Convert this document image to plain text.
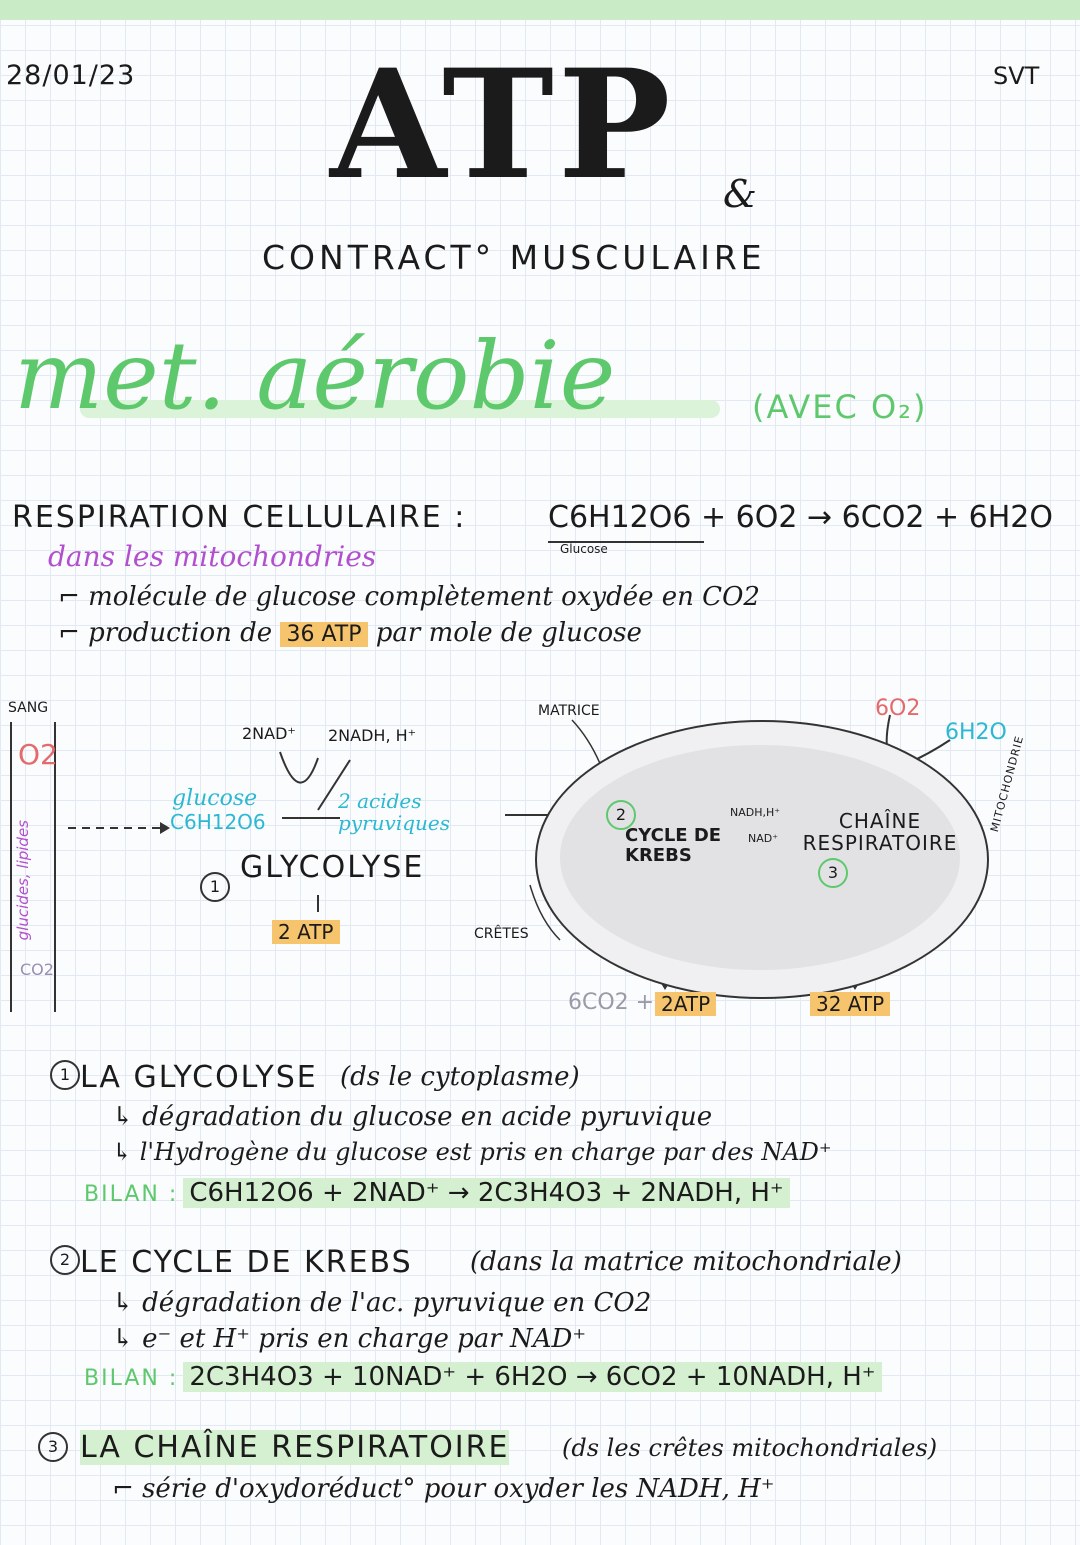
28/01/23	SVT
ATP &
CONTRACT° MUSCULAIRE
met. aérobie	(AVEC O₂)
RESPIRATION CELLULAIRE :	C6H12O6 + 6O2 → 6CO2 + 6H2O
Glucose
dans les mitochondries
⌐ molécule de glucose complètement oxydée en CO2
⌐ production de 36 ATP par mole de glucose
SANG
O2
glucides, lipides
CO2
2NAD⁺ 2NADH, H⁺
glucose
C6H12O6
2 acides pyruviques
1
GLYCOLYSE
2 ATP
MATRICE
CRÊTES
2
CYCLE DE KREBS
NADH,H⁺
NAD⁺
CHAÎNE RESPIRATOIRE
3
6O2
6H2O
MITOCHONDRIE
6CO2 + 2ATP	32 ATP
1 LA GLYCOLYSE (ds le cytoplasme)
↳ dégradation du glucose en acide pyruvique
↳ l'Hydrogène du glucose est pris en charge par des NAD⁺
BILAN : C6H12O6 + 2NAD⁺ → 2C3H4O3 + 2NADH, H⁺
2 LE CYCLE DE KREBS (dans la matrice mitochondriale)
↳ dégradation de l'ac. pyruvique en CO2
↳ e⁻ et H⁺ pris en charge par NAD⁺
BILAN : 2C3H4O3 + 10NAD⁺ + 6H2O → 6CO2 + 10NADH, H⁺
3 LA CHAÎNE RESPIRATOIRE (ds les crêtes mitochondriales)
⌐ série d'oxydoréduct° pour oxyder les NADH, H⁺
